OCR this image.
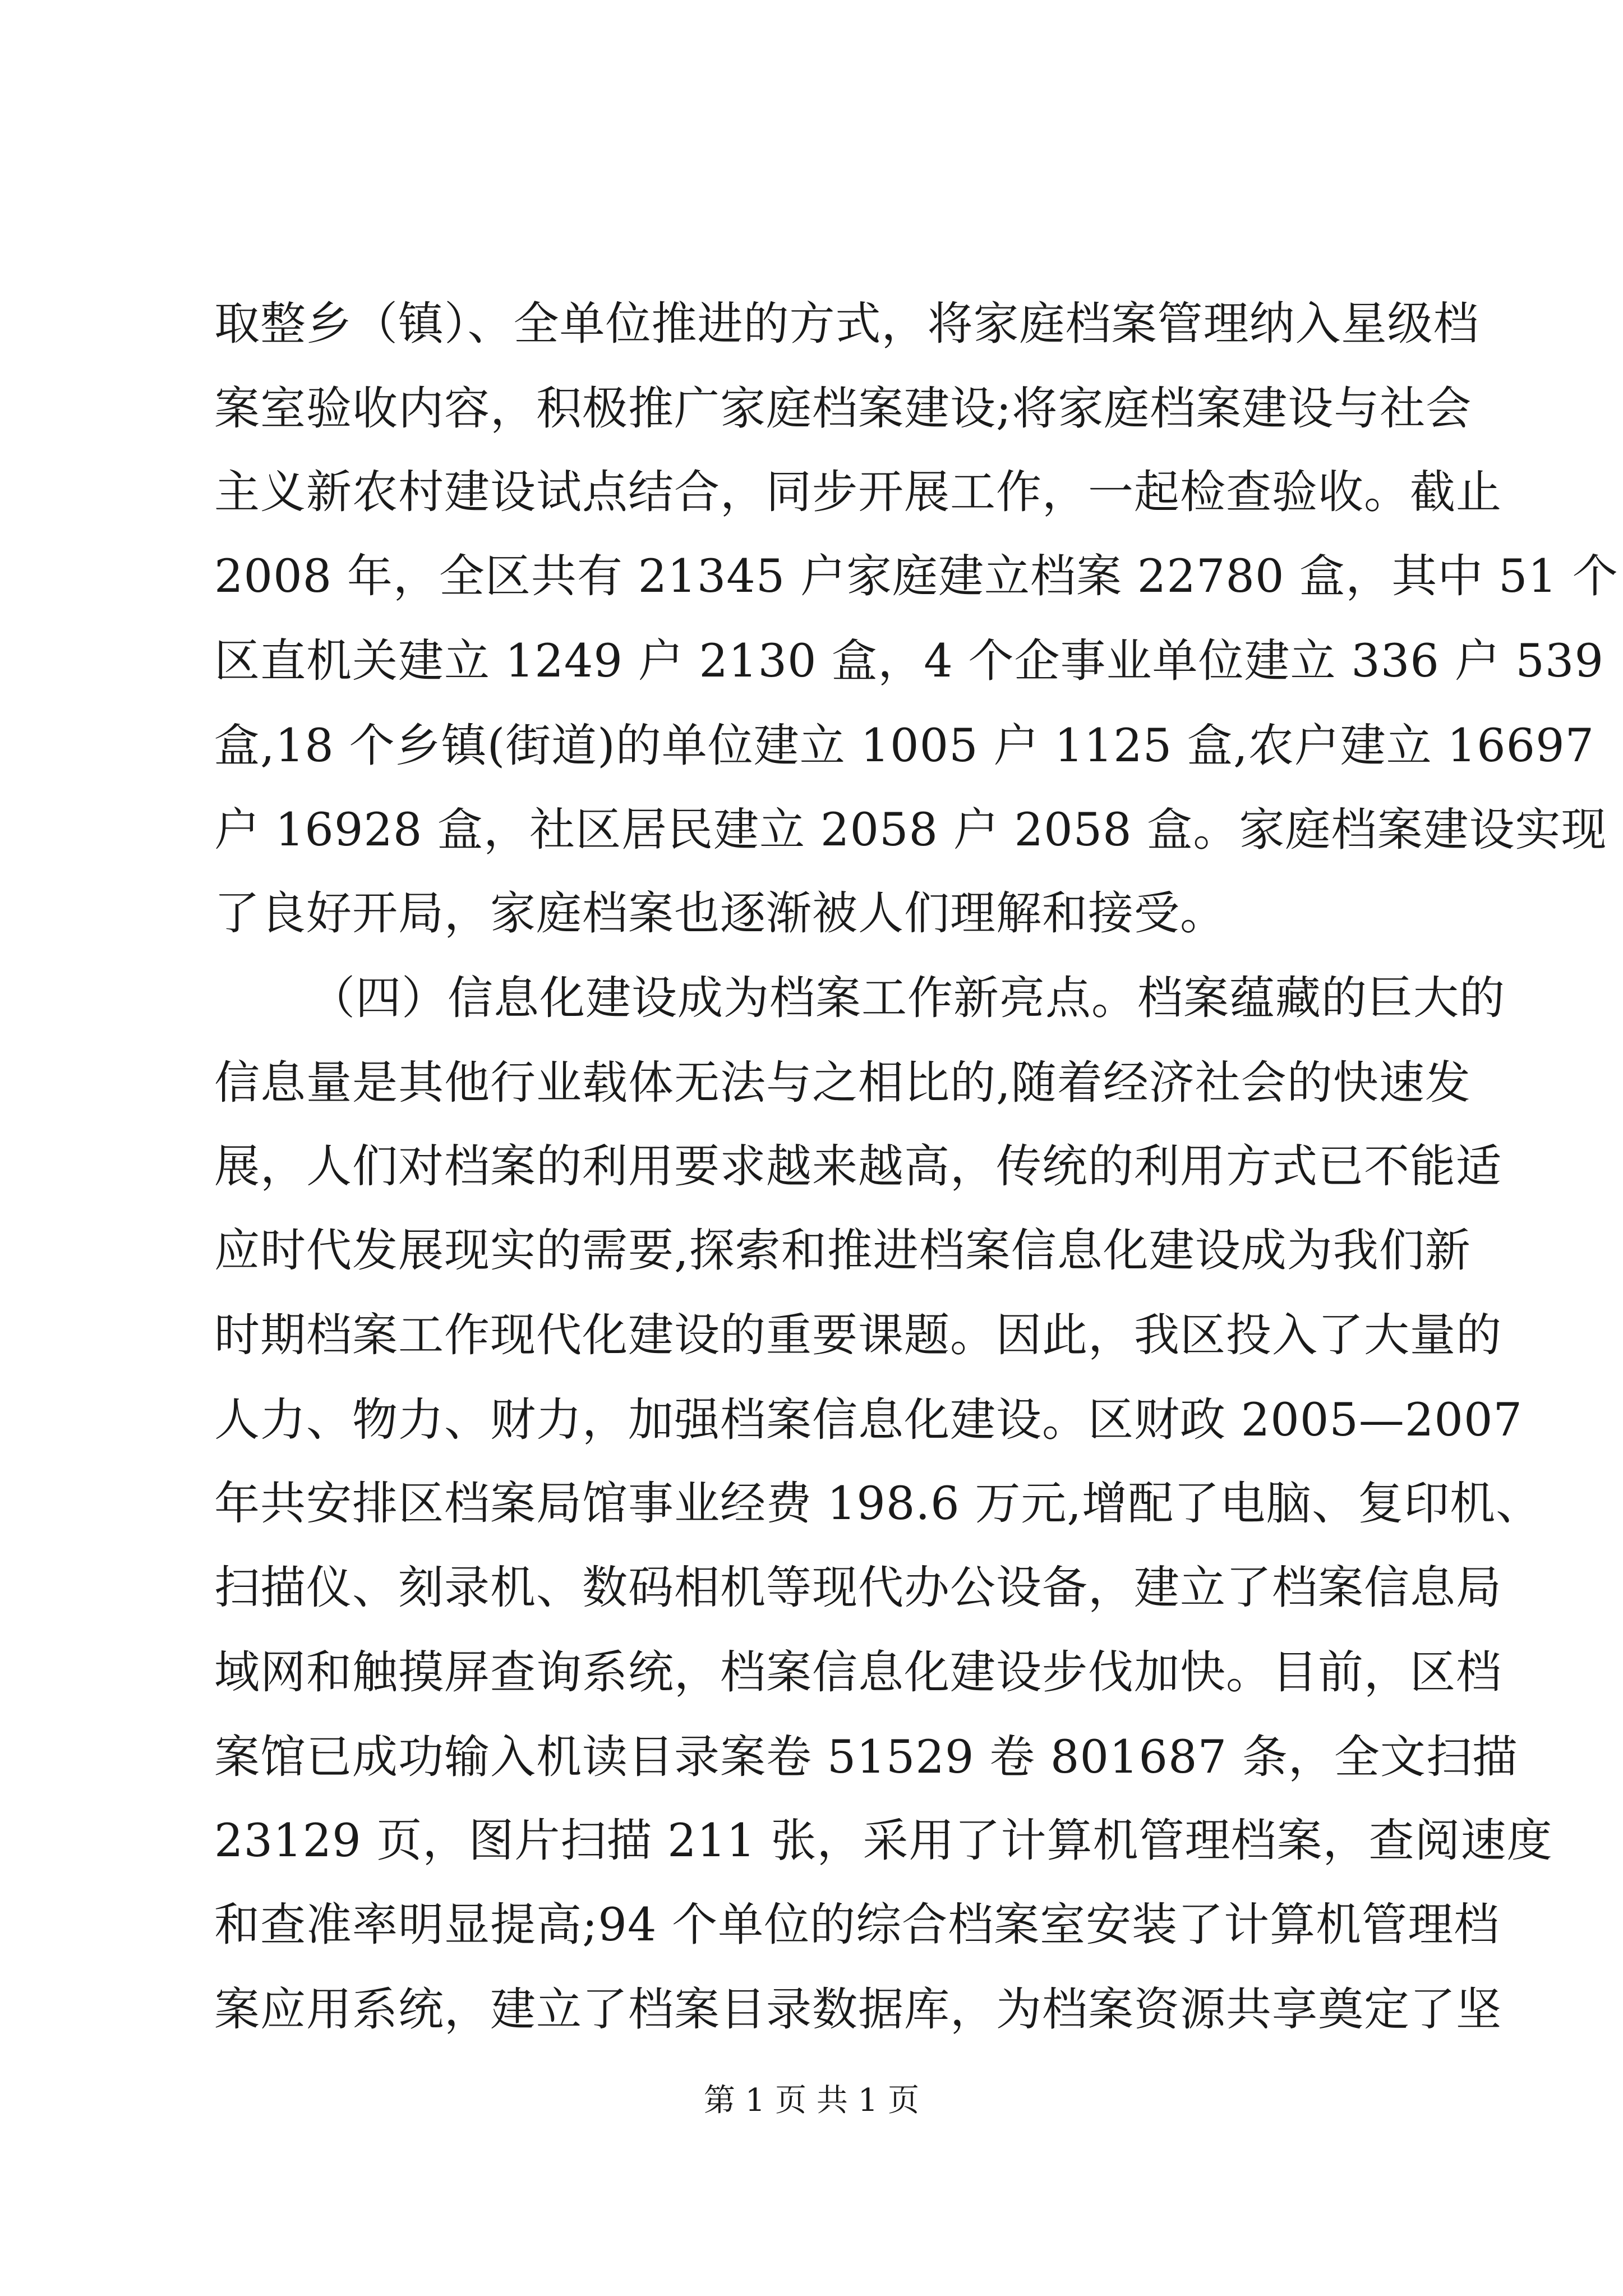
取整乡（镇）、全单位推进的方式，将家庭档案管理纳入星级档
案室验收内容，积极推广家庭档案建设;将家庭档案建设与社会
主义新农村建设试点结合，同步开展工作，一起检查验收。截止
2008 年，全区共有 21345 户家庭建立档案 22780 盒，其中 51 个
区直机关建立 1249 户 2130 盒，4 个企事业单位建立 336 户 539
盒,18 个乡镇(街道)的单位建立 1005 户 1125 盒,农户建立 16697
户 16928 盒，社区居民建立 2058 户 2058 盒。家庭档案建设实现
了良好开局，家庭档案也逐渐被人们理解和接受。
（四）信息化建设成为档案工作新亮点。档案蕴藏的巨大的
信息量是其他行业载体无法与之相比的,随着经济社会的快速发
展，人们对档案的利用要求越来越高，传统的利用方式已不能适
应时代发展现实的需要,探索和推进档案信息化建设成为我们新
时期档案工作现代化建设的重要课题。因此，我区投入了大量的
人力、物力、财力，加强档案信息化建设。区财政 2005—2007
年共安排区档案局馆事业经费 198.6 万元,增配了电脑、复印机、
扫描仪、刻录机、数码相机等现代办公设备，建立了档案信息局
域网和触摸屏查询系统，档案信息化建设步伐加快。目前，区档
案馆已成功输入机读目录案卷 51529 卷 801687 条，全文扫描
23129 页，图片扫描 211 张，采用了计算机管理档案，查阅速度
和查准率明显提高;94 个单位的综合档案室安装了计算机管理档
案应用系统，建立了档案目录数据库，为档案资源共享奠定了坚
第 1 页 共 1 页
